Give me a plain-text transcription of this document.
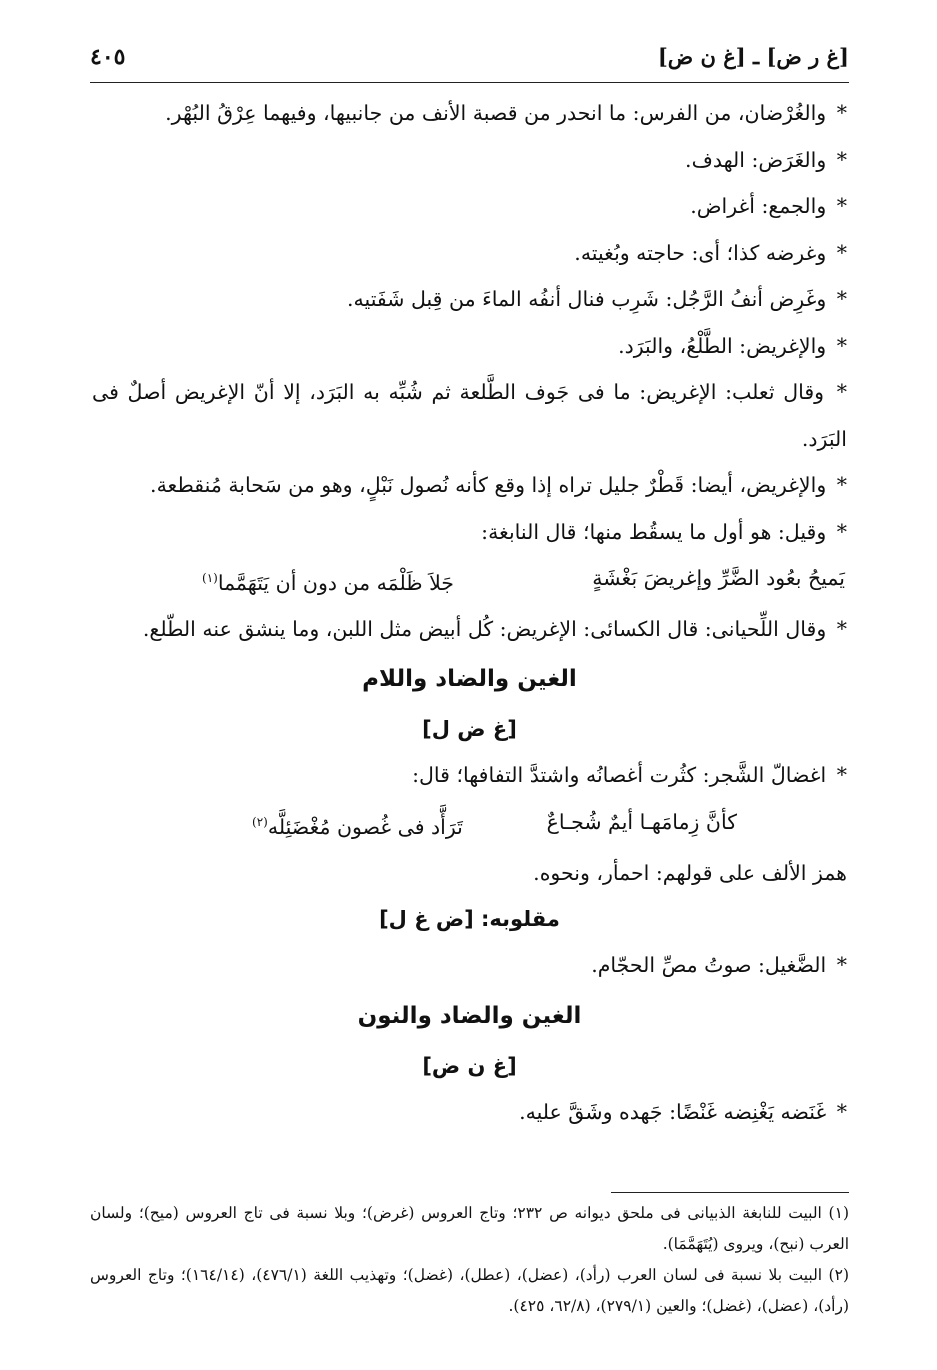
[غ ر ض] ـ [غ ن ض]
٤٠٥

* والغُرْضان، من الفرس: ما انحدر من قصبة الأنف من جانبيها، وفيهما عِرْقُ البُهْر.

* والغَرَض: الهدف.

* والجمع: أغراض.

* وغرضه كذا؛ أى: حاجته وبُغيته.

* وغَرِض أنفُ الرَّجُل: شَرِب فنال أنفُه الماءَ من قِبل شَفَتيه.

* والإغريض: الطَّلْعُ، والبَرَد.

* وقال ثعلب: الإغريض: ما فى جَوف الطَّلعة ثم شُبِّه به البَرَد، إلا أنّ الإغريض أصلٌ فى البَرَد.

* والإغريض، أيضا: قَطْرٌ جليل تراه إذا وقع كأنه نُصول نَبْلٍ، وهو من سَحابة مُنقطعة.

* وقيل: هو أول ما يسقُط منها؛ قال النابغة:

يَميحُ بعُود الضَّرِّ وإغريضَ بَغْشَةٍ
جَلاَ ظَلْمَه من دون أن يَتَهَمَّما$^{(١)}$

* وقال اللِّحيانى: قال الكسائى: الإغريض: كُل أبيض مثل اللبن، وما ينشق عنه الطّلع.

الغين والضاد واللام
[غ ض ل]

* اغضالّ الشَّجر: كثُرت أغصانُه واشتدَّ التفافها؛ قال:

كأنَّ زِمامَهـا أيمٌ شُجـاعٌ
تَرَأَّد فى غُصون مُغْضَئِلَّه$^{(٢)}$

همز الألف على قولهم: احمأر، ونحوه.

مقلوبه: [ض غ ل]

* الضَّغيل: صوتُ مصِّ الحجّام.

الغين والضاد والنون
[غ ن ض]

* غَنَضه يَغْنِضه غَنْضًا: جَهده وشَقَّ عليه.

(١) البيت للنابغة الذبيانى فى ملحق ديوانه ص ٢٣٢؛ وتاج العروس (غرض)؛ وبلا نسبة فى تاج العروس (ميح)؛ ولسان العرب (نبح)، ويروى (يُتَهَمَّمَا).

(٢) البيت بلا نسبة فى لسان العرب (رأد)، (عضل)، (عطل)، (غضل)؛ وتهذيب اللغة (٤٧٦/١)، (١٦٤/١٤)؛ وتاج العروس (رأد)، (عضل)، (غضل)؛ والعين (٢٧٩/١)، (٦٢/٨، ٤٢٥).
